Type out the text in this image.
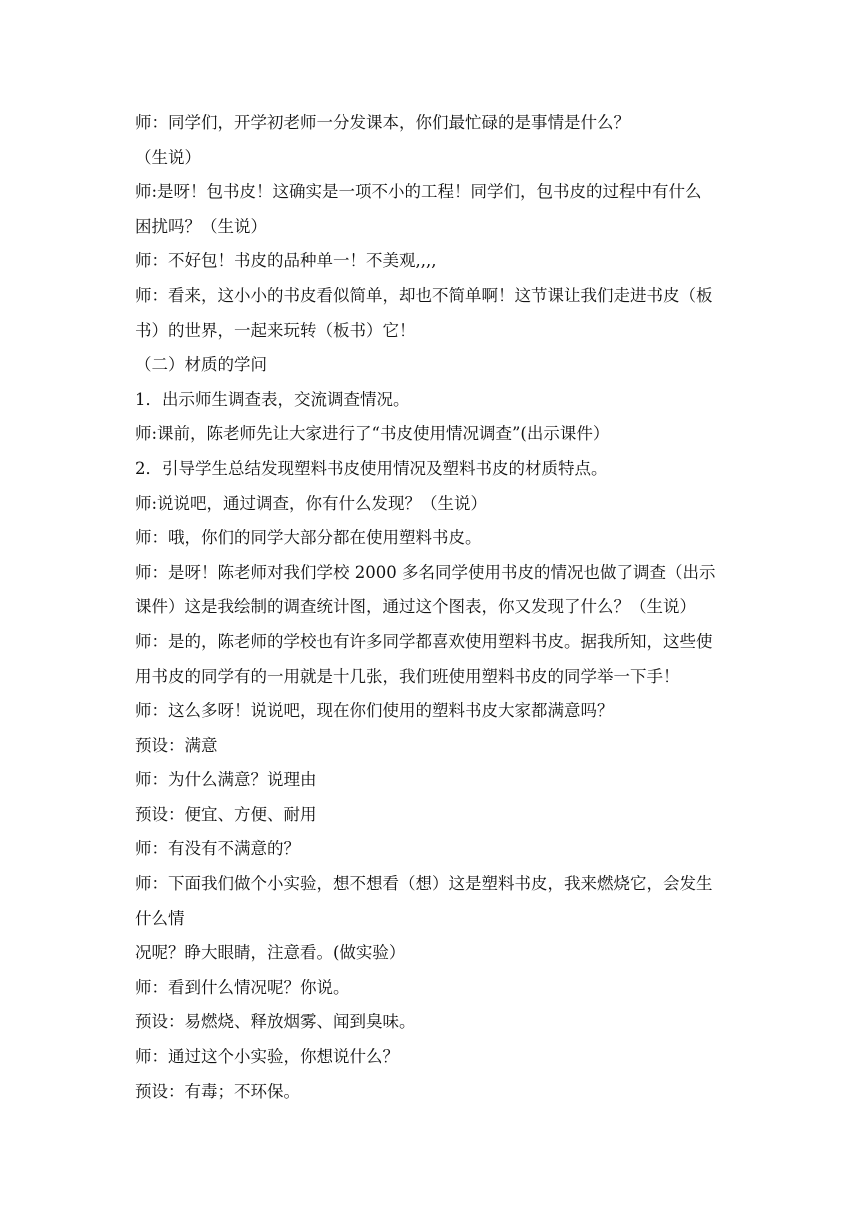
师：同学们，开学初老师一分发课本，你们最忙碌的是事情是什么？
（生说）
师:是呀！包书皮！这确实是一项不小的工程！同学们，包书皮的过程中有什么
困扰吗？（生说）
师：不好包！书皮的品种单一！不美观,,,,
师：看来，这小小的书皮看似简单，却也不简单啊！这节课让我们走进书皮（板
书）的世界，一起来玩转（板书）它！
（二）材质的学问
1．出示师生调查表，交流调查情况。
师:课前，陈老师先让大家进行了“书皮使用情况调查”(出示课件）
2．引导学生总结发现塑料书皮使用情况及塑料书皮的材质特点。
师:说说吧，通过调查，你有什么发现？（生说）
师：哦，你们的同学大部分都在使用塑料书皮。
师：是呀！陈老师对我们学校 2000 多名同学使用书皮的情况也做了调查（出示
课件）这是我绘制的调查统计图，通过这个图表，你又发现了什么？（生说）
师：是的，陈老师的学校也有许多同学都喜欢使用塑料书皮。据我所知，这些使
用书皮的同学有的一用就是十几张，我们班使用塑料书皮的同学举一下手！
师：这么多呀！说说吧，现在你们使用的塑料书皮大家都满意吗？
预设：满意
师：为什么满意？说理由
预设：便宜、方便、耐用
师：有没有不满意的？
师：下面我们做个小实验，想不想看（想）这是塑料书皮，我来燃烧它，会发生
什么情
况呢？睁大眼睛，注意看。(做实验）
师：看到什么情况呢？你说。
预设：易燃烧、释放烟雾、闻到臭味。
师：通过这个小实验，你想说什么？
预设：有毒；不环保。
